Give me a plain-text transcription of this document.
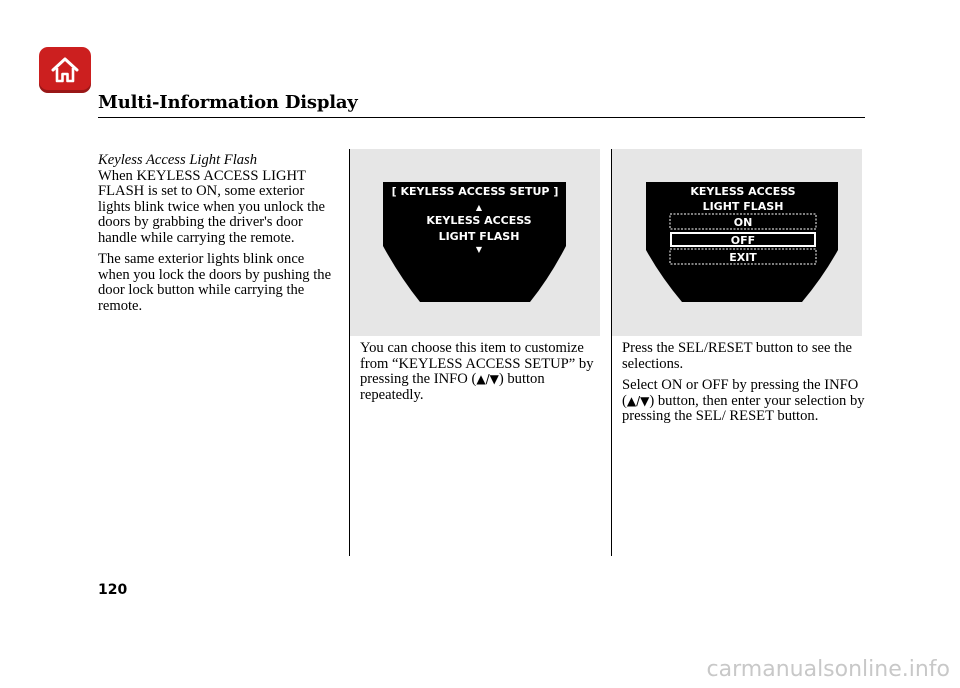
Multi-Information Display
Keyless Access Light Flash

When KEYLESS ACCESS LIGHT FLASH is set to ON, some exterior lights blink twice when you unlock the doors by grabbing the driver's door handle while carrying the remote.

The same exterior lights blink once when you lock the doors by pushing the door lock button while carrying the remote.

[ KEYLESS ACCESS SETUP ]
▲
KEYLESS ACCESS
LIGHT FLASH
▼

You can choose this item to customize from “KEYLESS ACCESS SETUP” by pressing the INFO (▲/▼) button repeatedly.

KEYLESS ACCESS
LIGHT FLASH
ON
OFF
EXIT

Press the SEL/RESET button to see the selections.

Select ON or OFF by pressing the INFO (▲/▼) button, then enter your selection by pressing the SEL/ RESET button.

120
carmanualsonline.info
